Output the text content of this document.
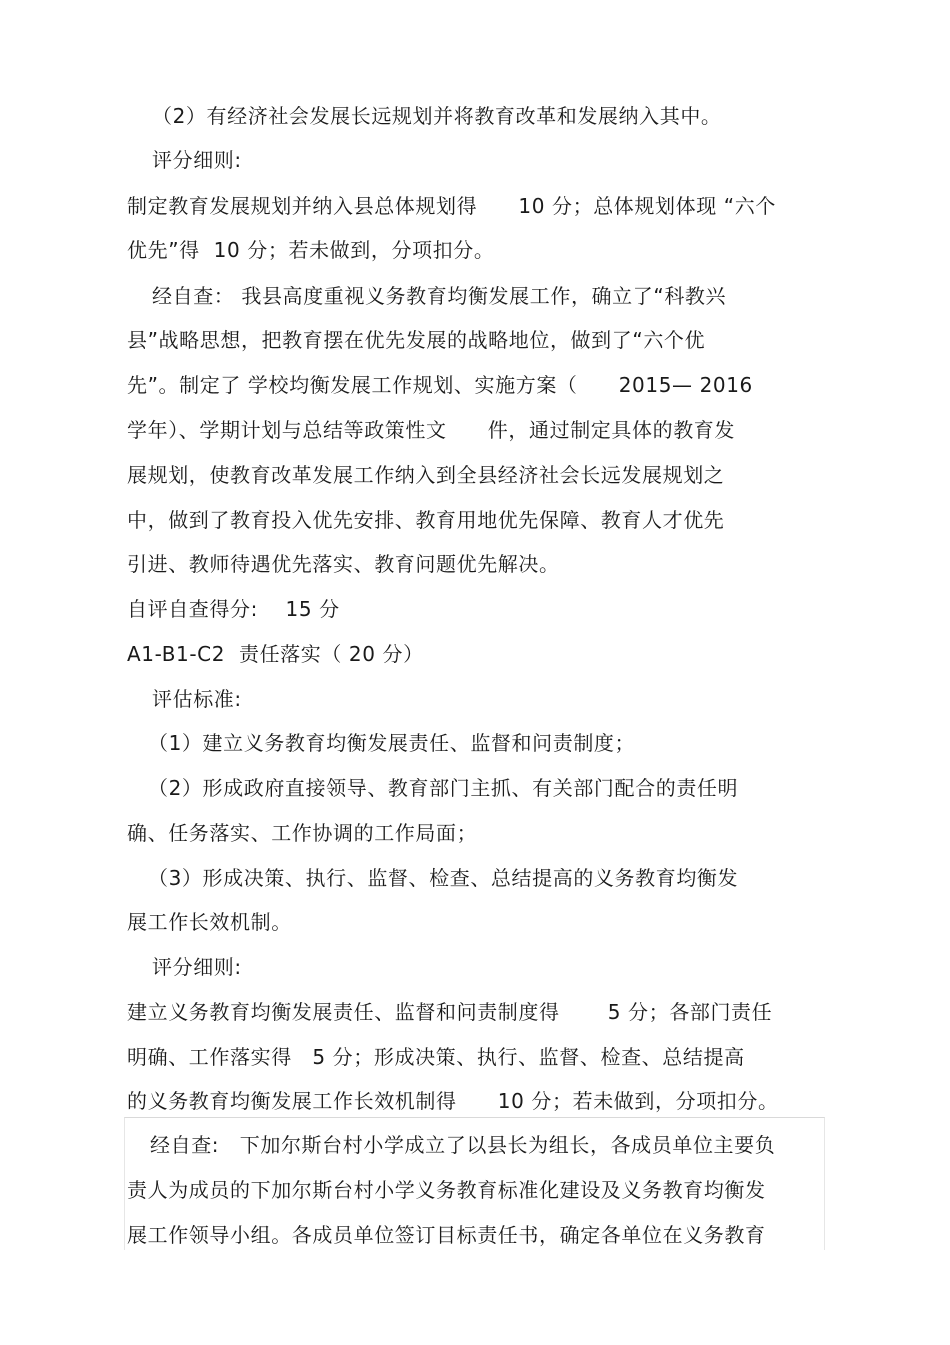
（2）有经济社会发展长远规划并将教育改革和发展纳入其中。
评分细则:
制定教育发展规划并纳入县总体规划得　　10 分；总体规划体现 “六个
优先”得  10 分；若未做到，分项扣分。
经自查： 我县高度重视义务教育均衡发展工作，确立了“科教兴
县”战略思想，把教育摆在优先发展的战略地位，做到了“六个优
先”。制定了 学校均衡发展工作规划、实施方案（　　2015— 2016
学年）、学期计划与总结等政策性文　　件，通过制定具体的教育发
展规划，使教育改革发展工作纳入到全县经济社会长远发展规划之
中，做到了教育投入优先安排、教育用地优先保障、教育人才优先
引进、教师待遇优先落实、教育问题优先解决。
自评自查得分:　 15 分
A1-B1-C2  责任落实（ 20 分）
评估标准:
（1）建立义务教育均衡发展责任、监督和问责制度；
（2）形成政府直接领导、教育部门主抓、有关部门配合的责任明
确、任务落实、工作协调的工作局面；
（3）形成决策、执行、监督、检查、总结提高的义务教育均衡发
展工作长效机制。
评分细则:
建立义务教育均衡发展责任、监督和问责制度得　　 5 分；各部门责任
明确、工作落实得　5 分；形成决策、执行、监督、检查、总结提高
的义务教育均衡发展工作长效机制得　　10 分；若未做到，分项扣分。
经自查:　下加尔斯台村小学成立了以县长为组长，各成员单位主要负
责人为成员的下加尔斯台村小学义务教育标准化建设及义务教育均衡发
展工作领导小组。各成员单位签订目标责任书，确定各单位在义务教育
